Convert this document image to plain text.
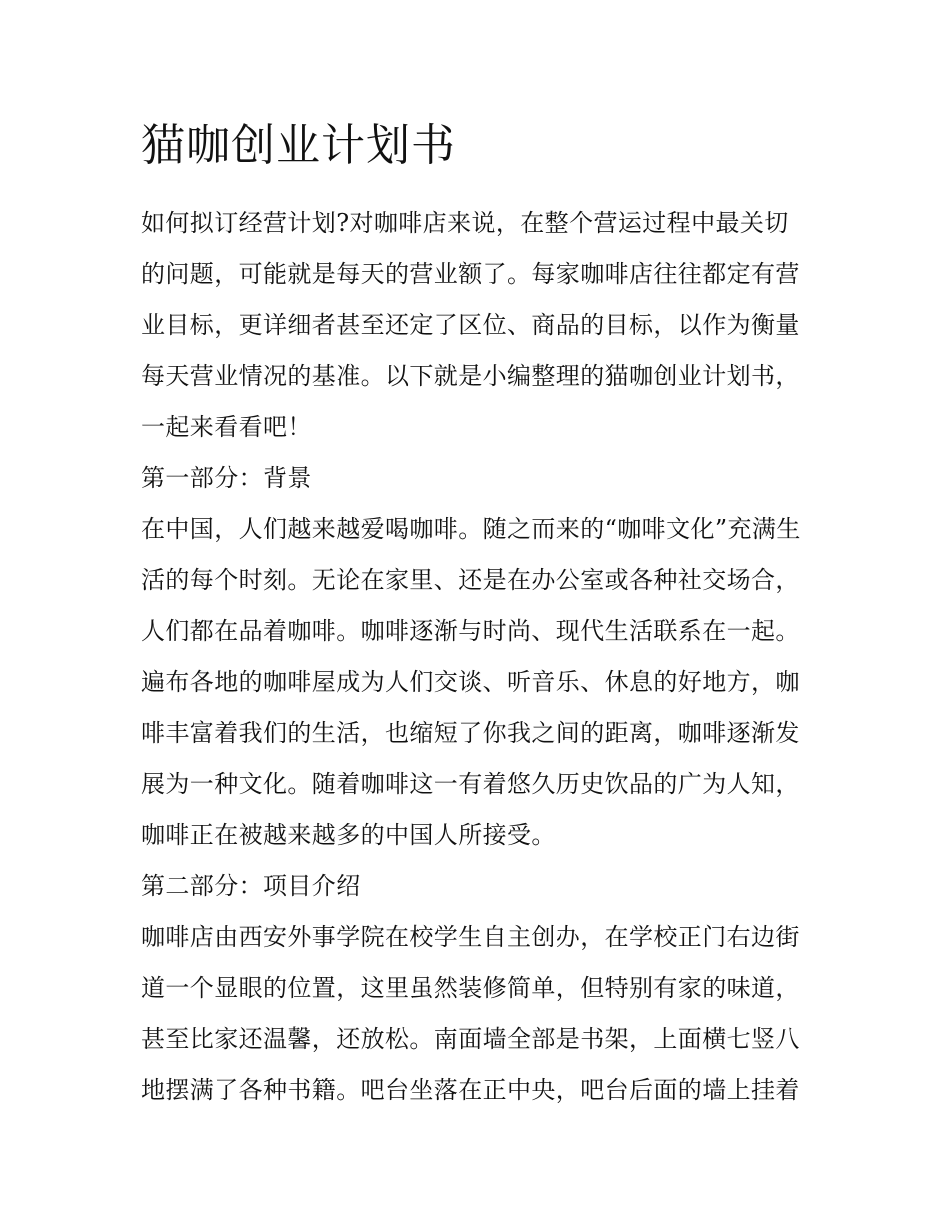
猫咖创业计划书
如何拟订经营计划?对咖啡店来说，在整个营运过程中最关切
的问题，可能就是每天的营业额了。每家咖啡店往往都定有营
业目标，更详细者甚至还定了区位、商品的目标，以作为衡量
每天营业情况的基准。以下就是小编整理的猫咖创业计划书，
一起来看看吧！
第一部分：背景
在中国，人们越来越爱喝咖啡。随之而来的“咖啡文化”充满生
活的每个时刻。无论在家里、还是在办公室或各种社交场合，
人们都在品着咖啡。咖啡逐渐与时尚、现代生活联系在一起。
遍布各地的咖啡屋成为人们交谈、听音乐、休息的好地方，咖
啡丰富着我们的生活，也缩短了你我之间的距离，咖啡逐渐发
展为一种文化。随着咖啡这一有着悠久历史饮品的广为人知，
咖啡正在被越来越多的中国人所接受。
第二部分：项目介绍
咖啡店由西安外事学院在校学生自主创办，在学校正门右边街
道一个显眼的位置，这里虽然装修简单，但特别有家的味道，
甚至比家还温馨，还放松。南面墙全部是书架，上面横七竖八
地摆满了各种书籍。吧台坐落在正中央，吧台后面的墙上挂着
